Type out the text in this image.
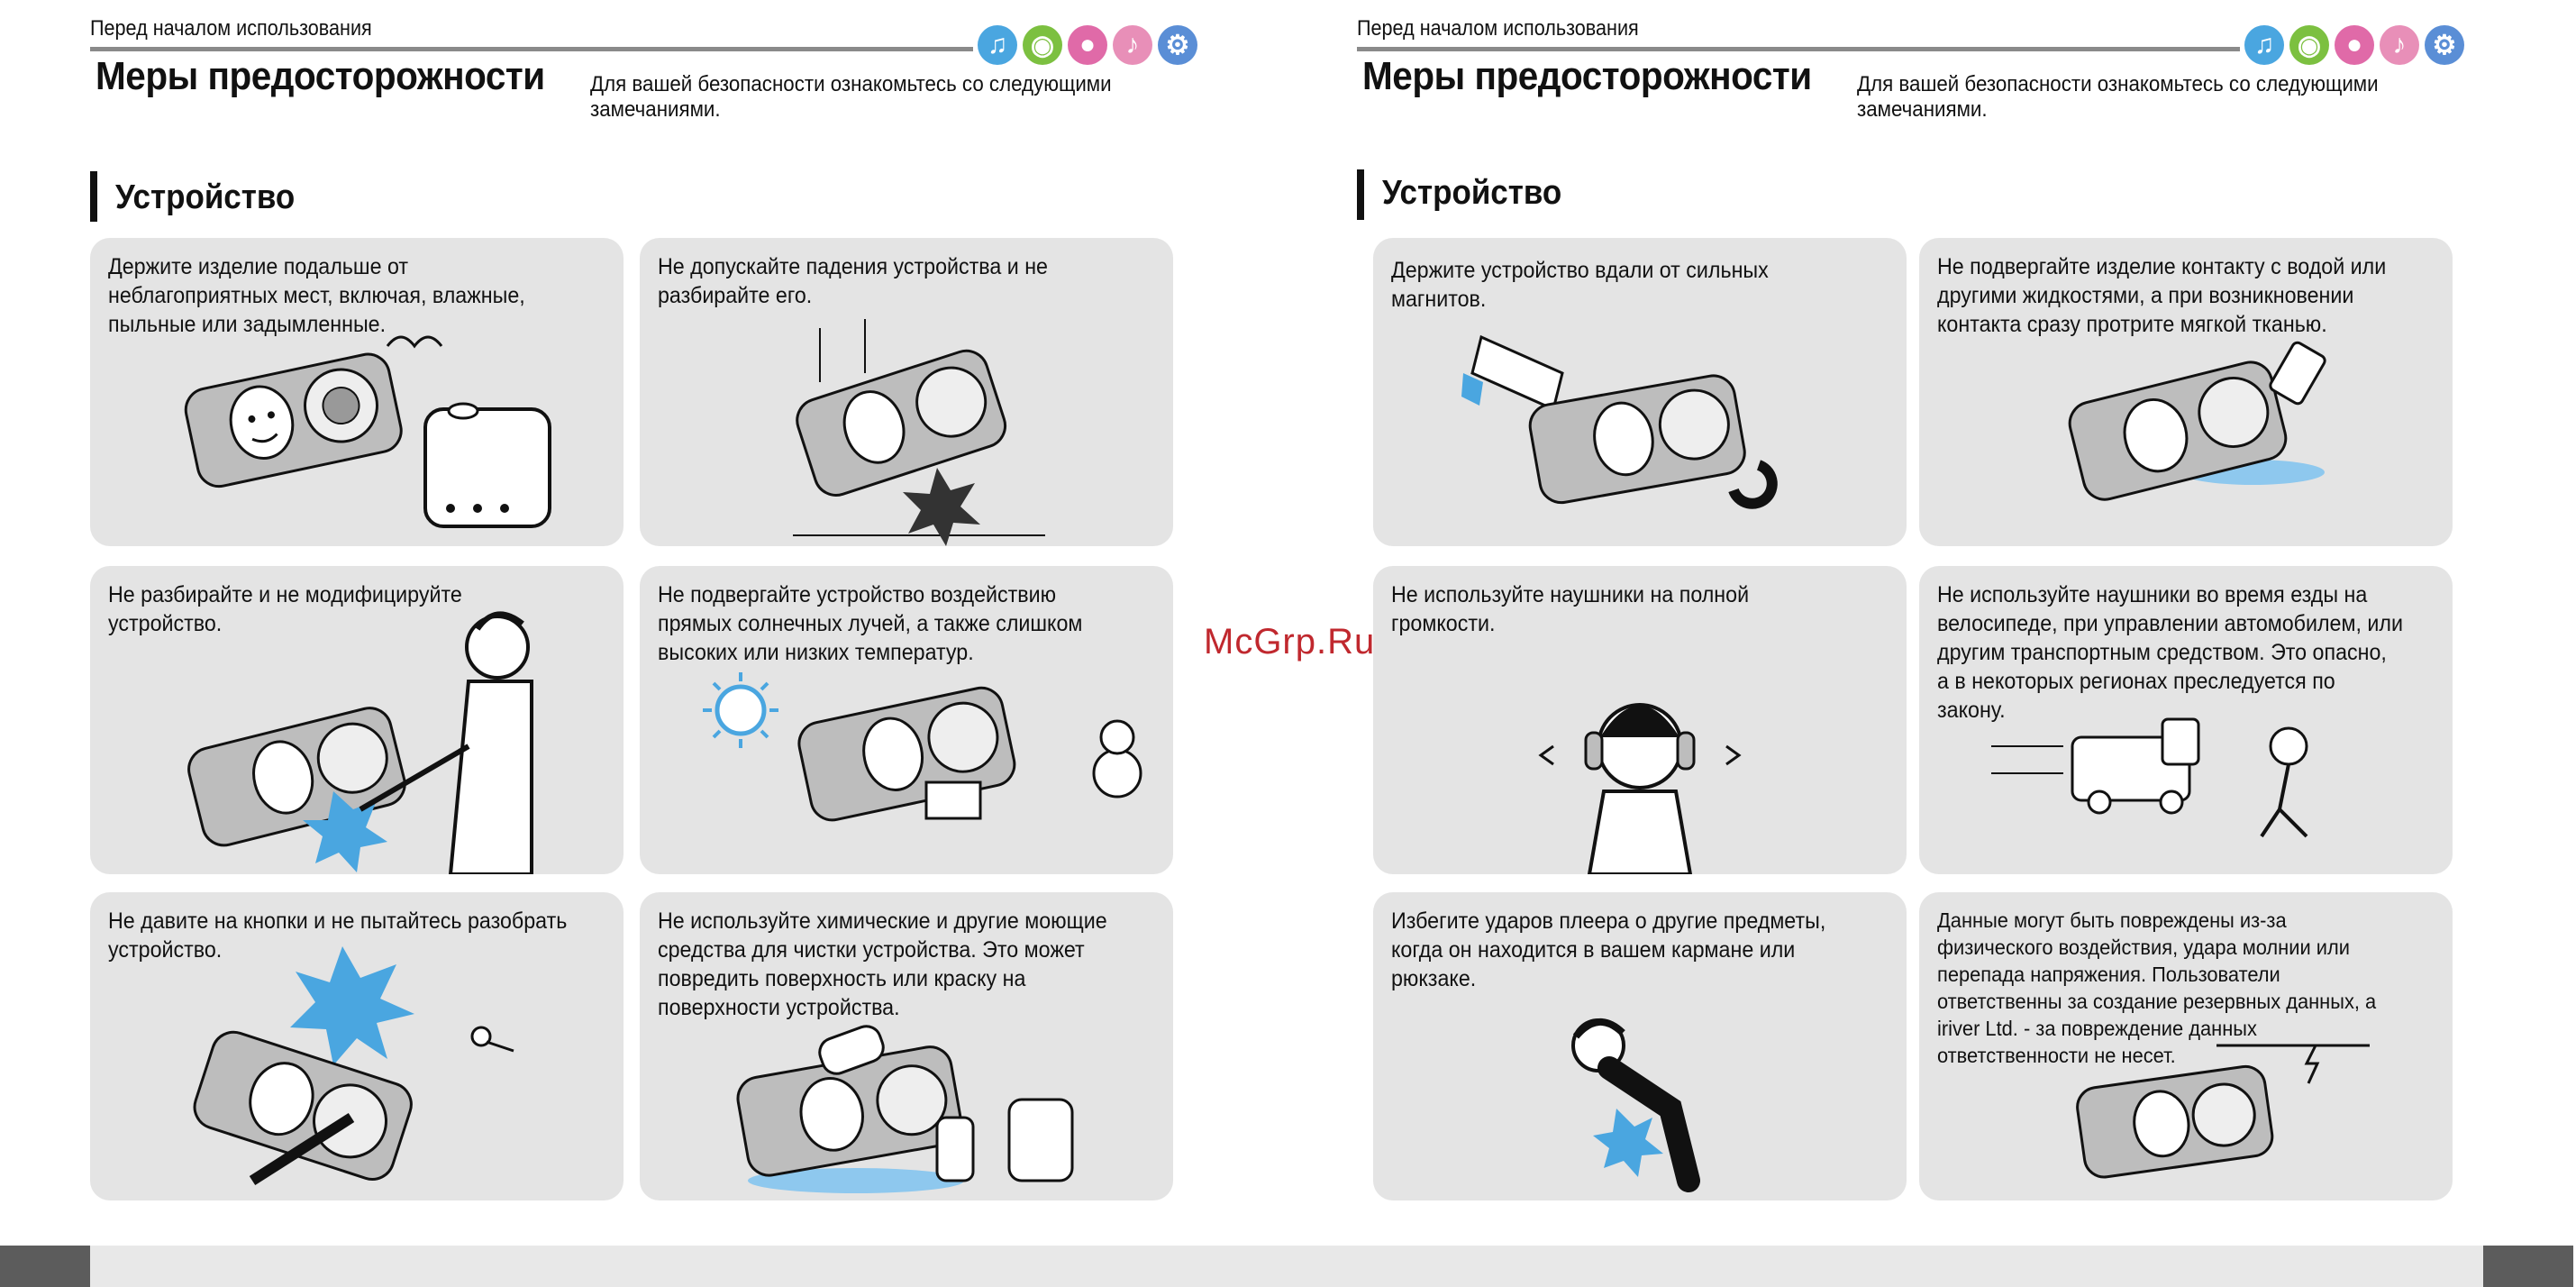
Перед началом использования
♫ ◉ ●	♪ ⚙
Меры предосторожности Для вашей безопасности ознакомьтесь со следующими замечаниями.
Устройство
Держите изделие подальше от неблагоприятных мест, включая, влажные, пыльные или задымленные.
Не допускайте падения устройства и не разбирайте его.
Не разбирайте и не модифицируйте устройство.
Не подвергайте устройство воздействию прямых солнечных лучей, а также слишком высоких или низких температур.
Не давите на кнопки и не пытайтесь разобрать устройство.
Не используйте химические и другие моющие средства для чистки устройства. Это может повредить поверхность или краску на поверхности устройства.
Перед началом использования
♫ ◉ ●	♪ ⚙
Меры предосторожности Для вашей безопасности ознакомьтесь со следующими замечаниями.
Устройство
Держите устройство вдали от сильных магнитов.
Не подвергайте изделие контакту с водой или другими жидкостями, а при возникновении контакта сразу протрите мягкой тканью.
Не используйте наушники на полной громкости.
Не используйте наушники во время езды на велосипеде, при управлении автомобилем, или другим транспортным средством. Это опасно, а в некоторых регионах преследуется по закону.
Избегите ударов плеера о другие предметы, когда он находится в вашем кармане или рюкзаке.
Данные могут быть повреждены из-за физического воздействия, удара молнии или перепада напряжения. Пользователи ответственны за создание резервных данных, а iriver Ltd. - за повреждение данных ответственности не несет.
McGrp.Ru
